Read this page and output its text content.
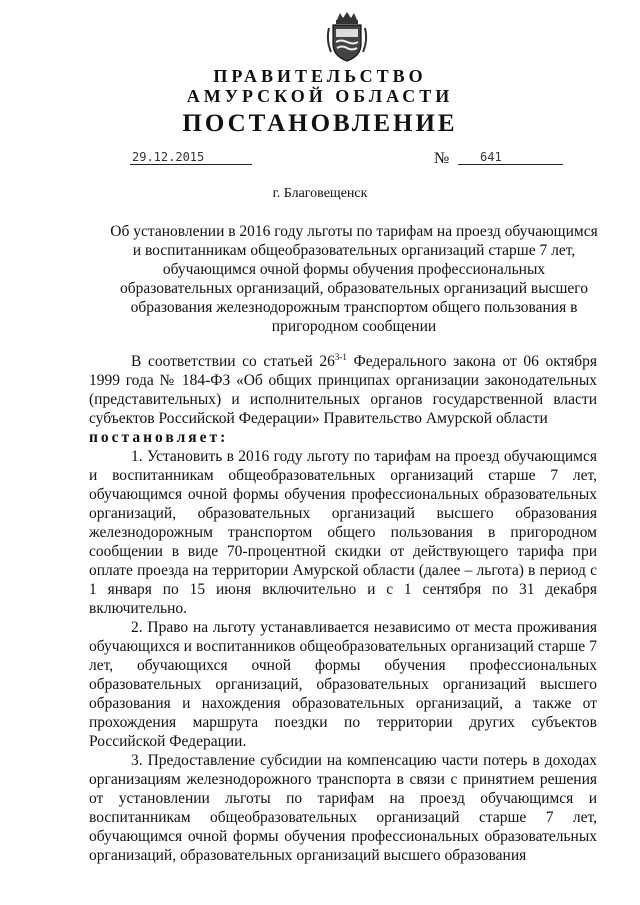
ПРАВИТЕЛЬСТВО
АМУРСКОЙ ОБЛАСТИ
ПОСТАНОВЛЕНИЕ
29.12.2015	№	641
г. Благовещенск
Об установлении в 2016 году льготы по тарифам на проезд обучающимся и воспитанникам общеобразовательных организаций старше 7 лет, обучающимся очной формы обучения профессиональных образовательных организаций, образовательных организаций высшего образования железнодорожным транспортом общего пользования в пригородном сообщении

В соответствии со статьей 26$^{3-1}$ Федерального закона от 06 октября 1999 года № 184-ФЗ «Об общих принципах организации законодательных (представительных) и исполнительных органов государственной власти субъектов Российской Федерации» Правительство Амурской области

постановляет:

1. Установить в 2016 году льготу по тарифам на проезд обучающимся и воспитанникам общеобразовательных организаций старше 7 лет, обучающимся очной формы обучения профессиональных образовательных организаций, образовательных организаций высшего образования железнодорожным транспортом общего пользования в пригородном сообщении в виде 70-процентной скидки от действующего тарифа при оплате проезда на территории Амурской области (далее – льгота) в период с 1 января по 15 июня включительно и с 1 сентября по 31 декабря включительно.

2. Право на льготу устанавливается независимо от места проживания обучающихся и воспитанников общеобразовательных организаций старше 7 лет, обучающихся очной формы обучения профессиональных образовательных организаций, образовательных организаций высшего образования и нахождения образовательных организаций, а также от прохождения маршрута поездки по территории других субъектов Российской Федерации.

3. Предоставление субсидии на компенсацию части потерь в доходах организациям железнодорожного транспорта в связи с принятием решения от установлении льготы по тарифам на проезд обучающимся и воспитанникам общеобразовательных организаций старше 7 лет, обучающимся очной формы обучения профессиональных образовательных организаций, образовательных организаций высшего образования
